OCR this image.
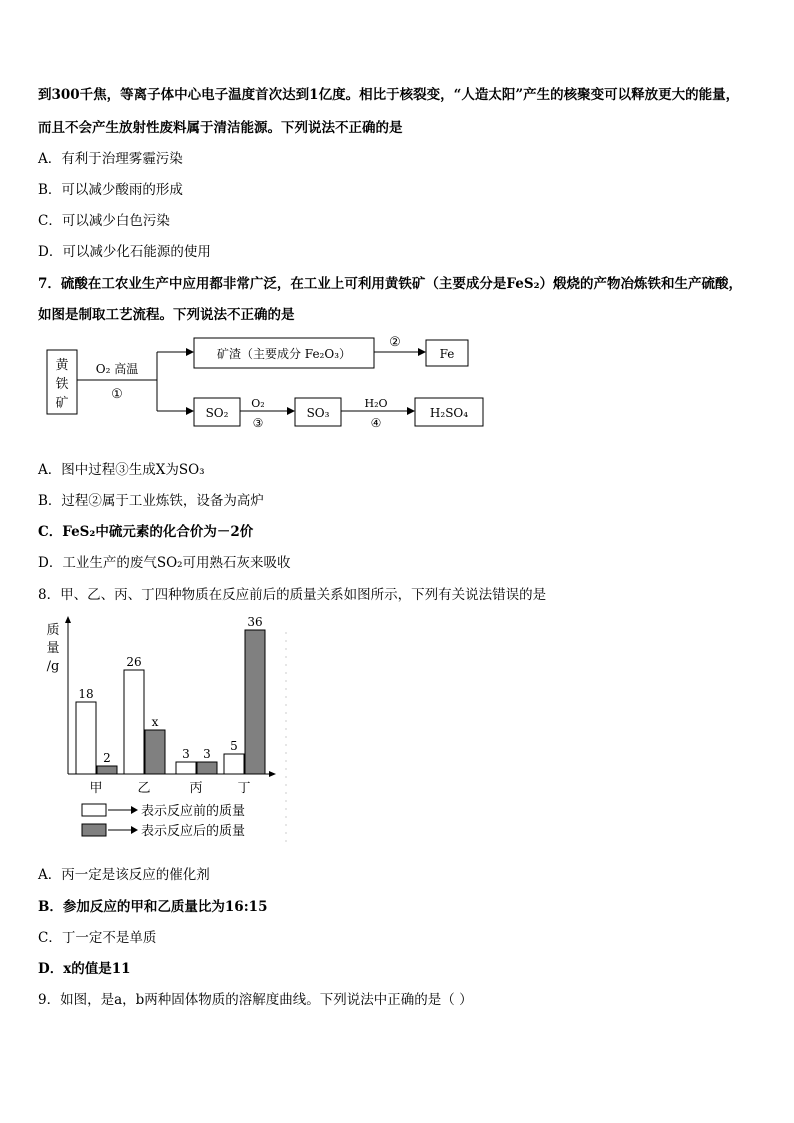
到300千焦，等离子体中心电子温度首次达到1亿度。相比于核裂变，“人造太阳”产生的核聚变可以释放更大的能量，
而且不会产生放射性废料属于清洁能源。下列说法不正确的是
A．有利于治理雾霾污染
B．可以减少酸雨的形成
C．可以减少白色污染
D．可以减少化石能源的使用
7．硫酸在工农业生产中应用都非常广泛，在工业上可利用黄铁矿（主要成分是FeS₂）煅烧的产物冶炼铁和生产硫酸，
如图是制取工艺流程。下列说法不正确的是
黄
铁
矿
O₂ 高温
①
矿渣（主要成分 Fe₂O₃）
②
Fe
SO₂
O₂
③
SO₃
H₂O
④
H₂SO₄
A．图中过程③生成X为SO₃
B．过程②属于工业炼铁，设备为高炉
C．FeS₂中硫元素的化合价为－2价
D．工业生产的废气SO₂可用熟石灰来吸收
8．甲、乙、丙、丁四种物质在反应前后的质量关系如图所示，下列有关说法错误的是
质
量
/g
18
2
甲
26
x
乙
3 3
丙
5
36
丁
表示反应前的质量
表示反应后的质量
A．丙一定是该反应的催化剂
B．参加反应的甲和乙质量比为16:15
C．丁一定不是单质
D．x的值是11
9．如图，是a，b两种固体物质的溶解度曲线。下列说法中正确的是（ ）
